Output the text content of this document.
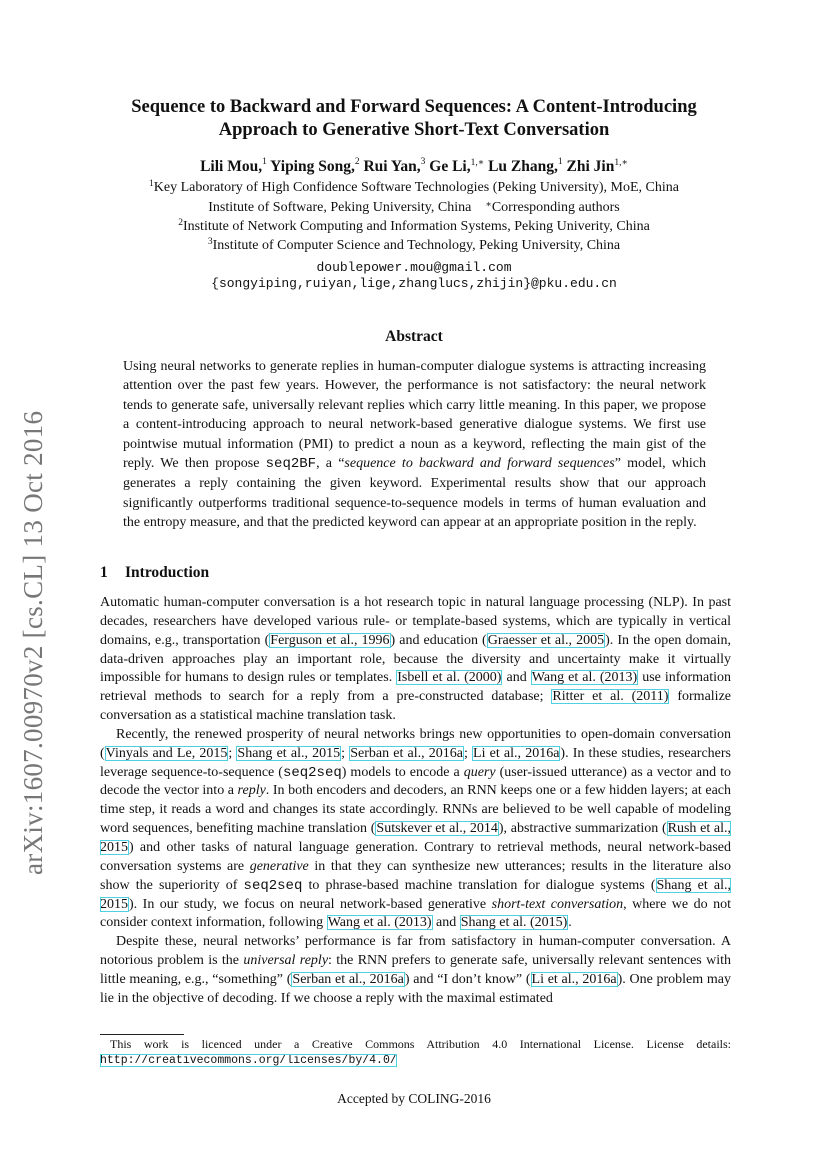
arXiv:1607.00970v2 [cs.CL] 13 Oct 2016
Sequence to Backward and Forward Sequences: A Content-Introducing
Approach to Generative Short-Text Conversation
Lili Mou,$^1$ Yiping Song,$^2$ Rui Yan,$^3$ Ge Li,$^{1,∗}$ Lu Zhang,$^1$ Zhi Jin$^{1,∗}$
$^1$Key Laboratory of High Confidence Software Technologies (Peking University), MoE, China
Institute of Software, Peking University, China ∗Corresponding authors
$^2$Institute of Network Computing and Information Systems, Peking Univerity, China
$^3$Institute of Computer Science and Technology, Peking University, China
doublepower.mou@gmail.com
{songyiping,ruiyan,lige,zhanglucs,zhijin}@pku.edu.cn
Abstract
Using neural networks to generate replies in human-computer dialogue systems is attracting increasing attention over the past few years. However, the performance is not satisfactory: the neural network tends to generate safe, universally relevant replies which carry little meaning. In this paper, we propose a content-introducing approach to neural network-based generative dialogue systems. We first use pointwise mutual information (PMI) to predict a noun as a keyword, reflecting the main gist of the reply. We then propose seq2BF, a “sequence to backward and forward sequences” model, which generates a reply containing the given keyword. Experimental results show that our approach significantly outperforms traditional sequence-to-sequence models in terms of human evaluation and the entropy measure, and that the predicted keyword can appear at an appropriate position in the reply.
1 Introduction

Automatic human-computer conversation is a hot research topic in natural language processing (NLP). In past decades, researchers have developed various rule- or template-based systems, which are typically in vertical domains, e.g., transportation (Ferguson et al., 1996) and education (Graesser et al., 2005). In the open domain, data-driven approaches play an important role, because the diversity and uncertainty make it virtually impossible for humans to design rules or templates. Isbell et al. (2000) and Wang et al. (2013) use information retrieval methods to search for a reply from a pre-constructed database; Ritter et al. (2011) formalize conversation as a statistical machine translation task.

Recently, the renewed prosperity of neural networks brings new opportunities to open-domain conversation (Vinyals and Le, 2015; Shang et al., 2015; Serban et al., 2016a; Li et al., 2016a). In these studies, researchers leverage sequence-to-sequence (seq2seq) models to encode a query (user-issued utterance) as a vector and to decode the vector into a reply. In both encoders and decoders, an RNN keeps one or a few hidden layers; at each time step, it reads a word and changes its state accordingly. RNNs are believed to be well capable of modeling word sequences, benefiting machine translation (Sutskever et al., 2014), abstractive summarization (Rush et al., 2015) and other tasks of natural language generation. Contrary to retrieval methods, neural network-based conversation systems are generative in that they can synthesize new utterances; results in the literature also show the superiority of seq2seq to phrase-based machine translation for dialogue systems (Shang et al., 2015). In our study, we focus on neural network-based generative short-text conversation, where we do not consider context information, following Wang et al. (2013) and Shang et al. (2015).

Despite these, neural networks’ performance is far from satisfactory in human-computer conversation. A notorious problem is the universal reply: the RNN prefers to generate safe, universally relevant sentences with little meaning, e.g., “something” (Serban et al., 2016a) and “I don’t know” (Li et al., 2016a). One problem may lie in the objective of decoding. If we choose a reply with the maximal estimated

This work is licenced under a Creative Commons Attribution 4.0 International License. License details: http://creativecommons.org/licenses/by/4.0/
Accepted by COLING-2016
